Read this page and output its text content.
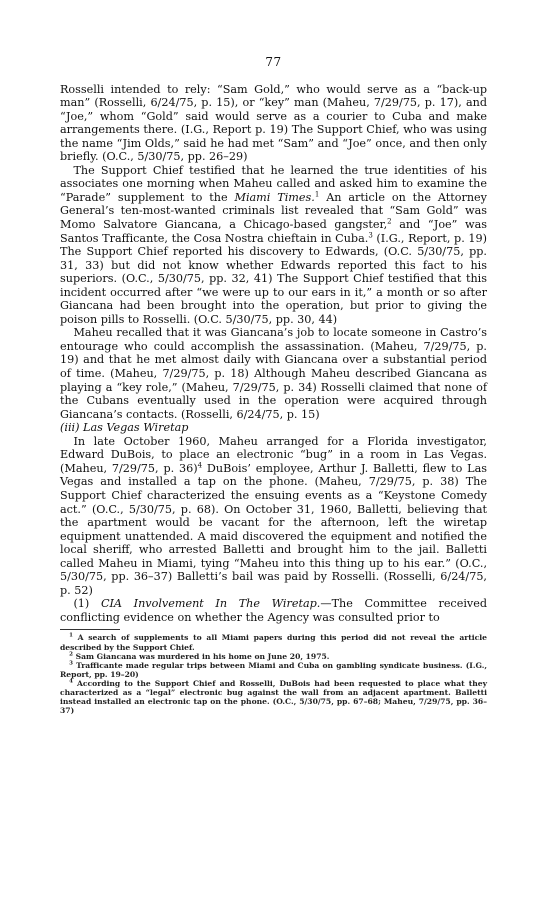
77

Rosselli intended to rely: “Sam Gold,” who would serve as a “back-up man” (Rosselli, 6/24/75, p. 15), or “key” man (Maheu, 7/29/75, p. 17), and “Joe,” whom “Gold” said would serve as a courier to Cuba and make arrangements there. (I.G., Report p. 19) The Support Chief, who was using the name “Jim Olds,” said he had met “Sam” and “Joe” once, and then only briefly. (O.C., 5/30/75, pp. 26–29)

The Support Chief testified that he learned the true identities of his associates one morning when Maheu called and asked him to examine the “Parade” supplement to the Miami Times.$^1$ An article on the Attorney General’s ten-most-wanted criminals list revealed that “Sam Gold” was Momo Salvatore Giancana, a Chicago-based gangster,$^2$ and “Joe” was Santos Trafficante, the Cosa Nostra chieftain in Cuba.$^3$ (I.G., Report, p. 19) The Support Chief reported his discovery to Edwards, (O.C. 5/30/75, pp. 31, 33) but did not know whether Edwards reported this fact to his superiors. (O.C., 5/30/75, pp. 32, 41) The Support Chief testified that this incident occurred after “we were up to our ears in it,” a month or so after Giancana had been brought into the operation, but prior to giving the poison pills to Rosselli. (O.C. 5/30/75, pp. 30, 44)

Maheu recalled that it was Giancana’s job to locate someone in Castro’s entourage who could accomplish the assassination. (Maheu, 7/29/75, p. 19) and that he met almost daily with Giancana over a substantial period of time. (Maheu, 7/29/75, p. 18) Although Maheu described Giancana as playing a “key role,” (Maheu, 7/29/75, p. 34) Rosselli claimed that none of the Cubans eventually used in the operation were acquired through Giancana’s contacts. (Rosselli, 6/24/75, p. 15)

(iii) Las Vegas Wiretap

In late October 1960, Maheu arranged for a Florida investigator, Edward DuBois, to place an electronic “bug” in a room in Las Vegas. (Maheu, 7/29/75, p. 36)$^4$ DuBois’ employee, Arthur J. Balletti, flew to Las Vegas and installed a tap on the phone. (Maheu, 7/29/75, p. 38) The Support Chief characterized the ensuing events as a “Keystone Comedy act.” (O.C., 5/30/75, p. 68). On October 31, 1960, Balletti, believing that the apartment would be vacant for the afternoon, left the wiretap equipment unattended. A maid discovered the equipment and notified the local sheriff, who arrested Balletti and brought him to the jail. Balletti called Maheu in Miami, tying “Maheu into this thing up to his ear.” (O.C., 5/30/75, pp. 36–37) Balletti’s bail was paid by Rosselli. (Rosselli, 6/24/75, p. 52)

(1) CIA Involvement In The Wiretap.—The Committee received conflicting evidence on whether the Agency was consulted prior to

$^1$ A search of supplements to all Miami papers during this period did not reveal the article described by the Support Chief.

$^2$ Sam Giancana was murdered in his home on June 20, 1975.

$^3$ Trafficante made regular trips between Miami and Cuba on gambling syndicate business. (I.G., Report, pp. 19–20)

$^4$ According to the Support Chief and Rosselli, DuBois had been requested to place what they characterized as a “legal” electronic bug against the wall from an adjacent apartment. Balletti instead installed an electronic tap on the phone. (O.C., 5/30/75, pp. 67–68; Maheu, 7/29/75, pp. 36–37)
